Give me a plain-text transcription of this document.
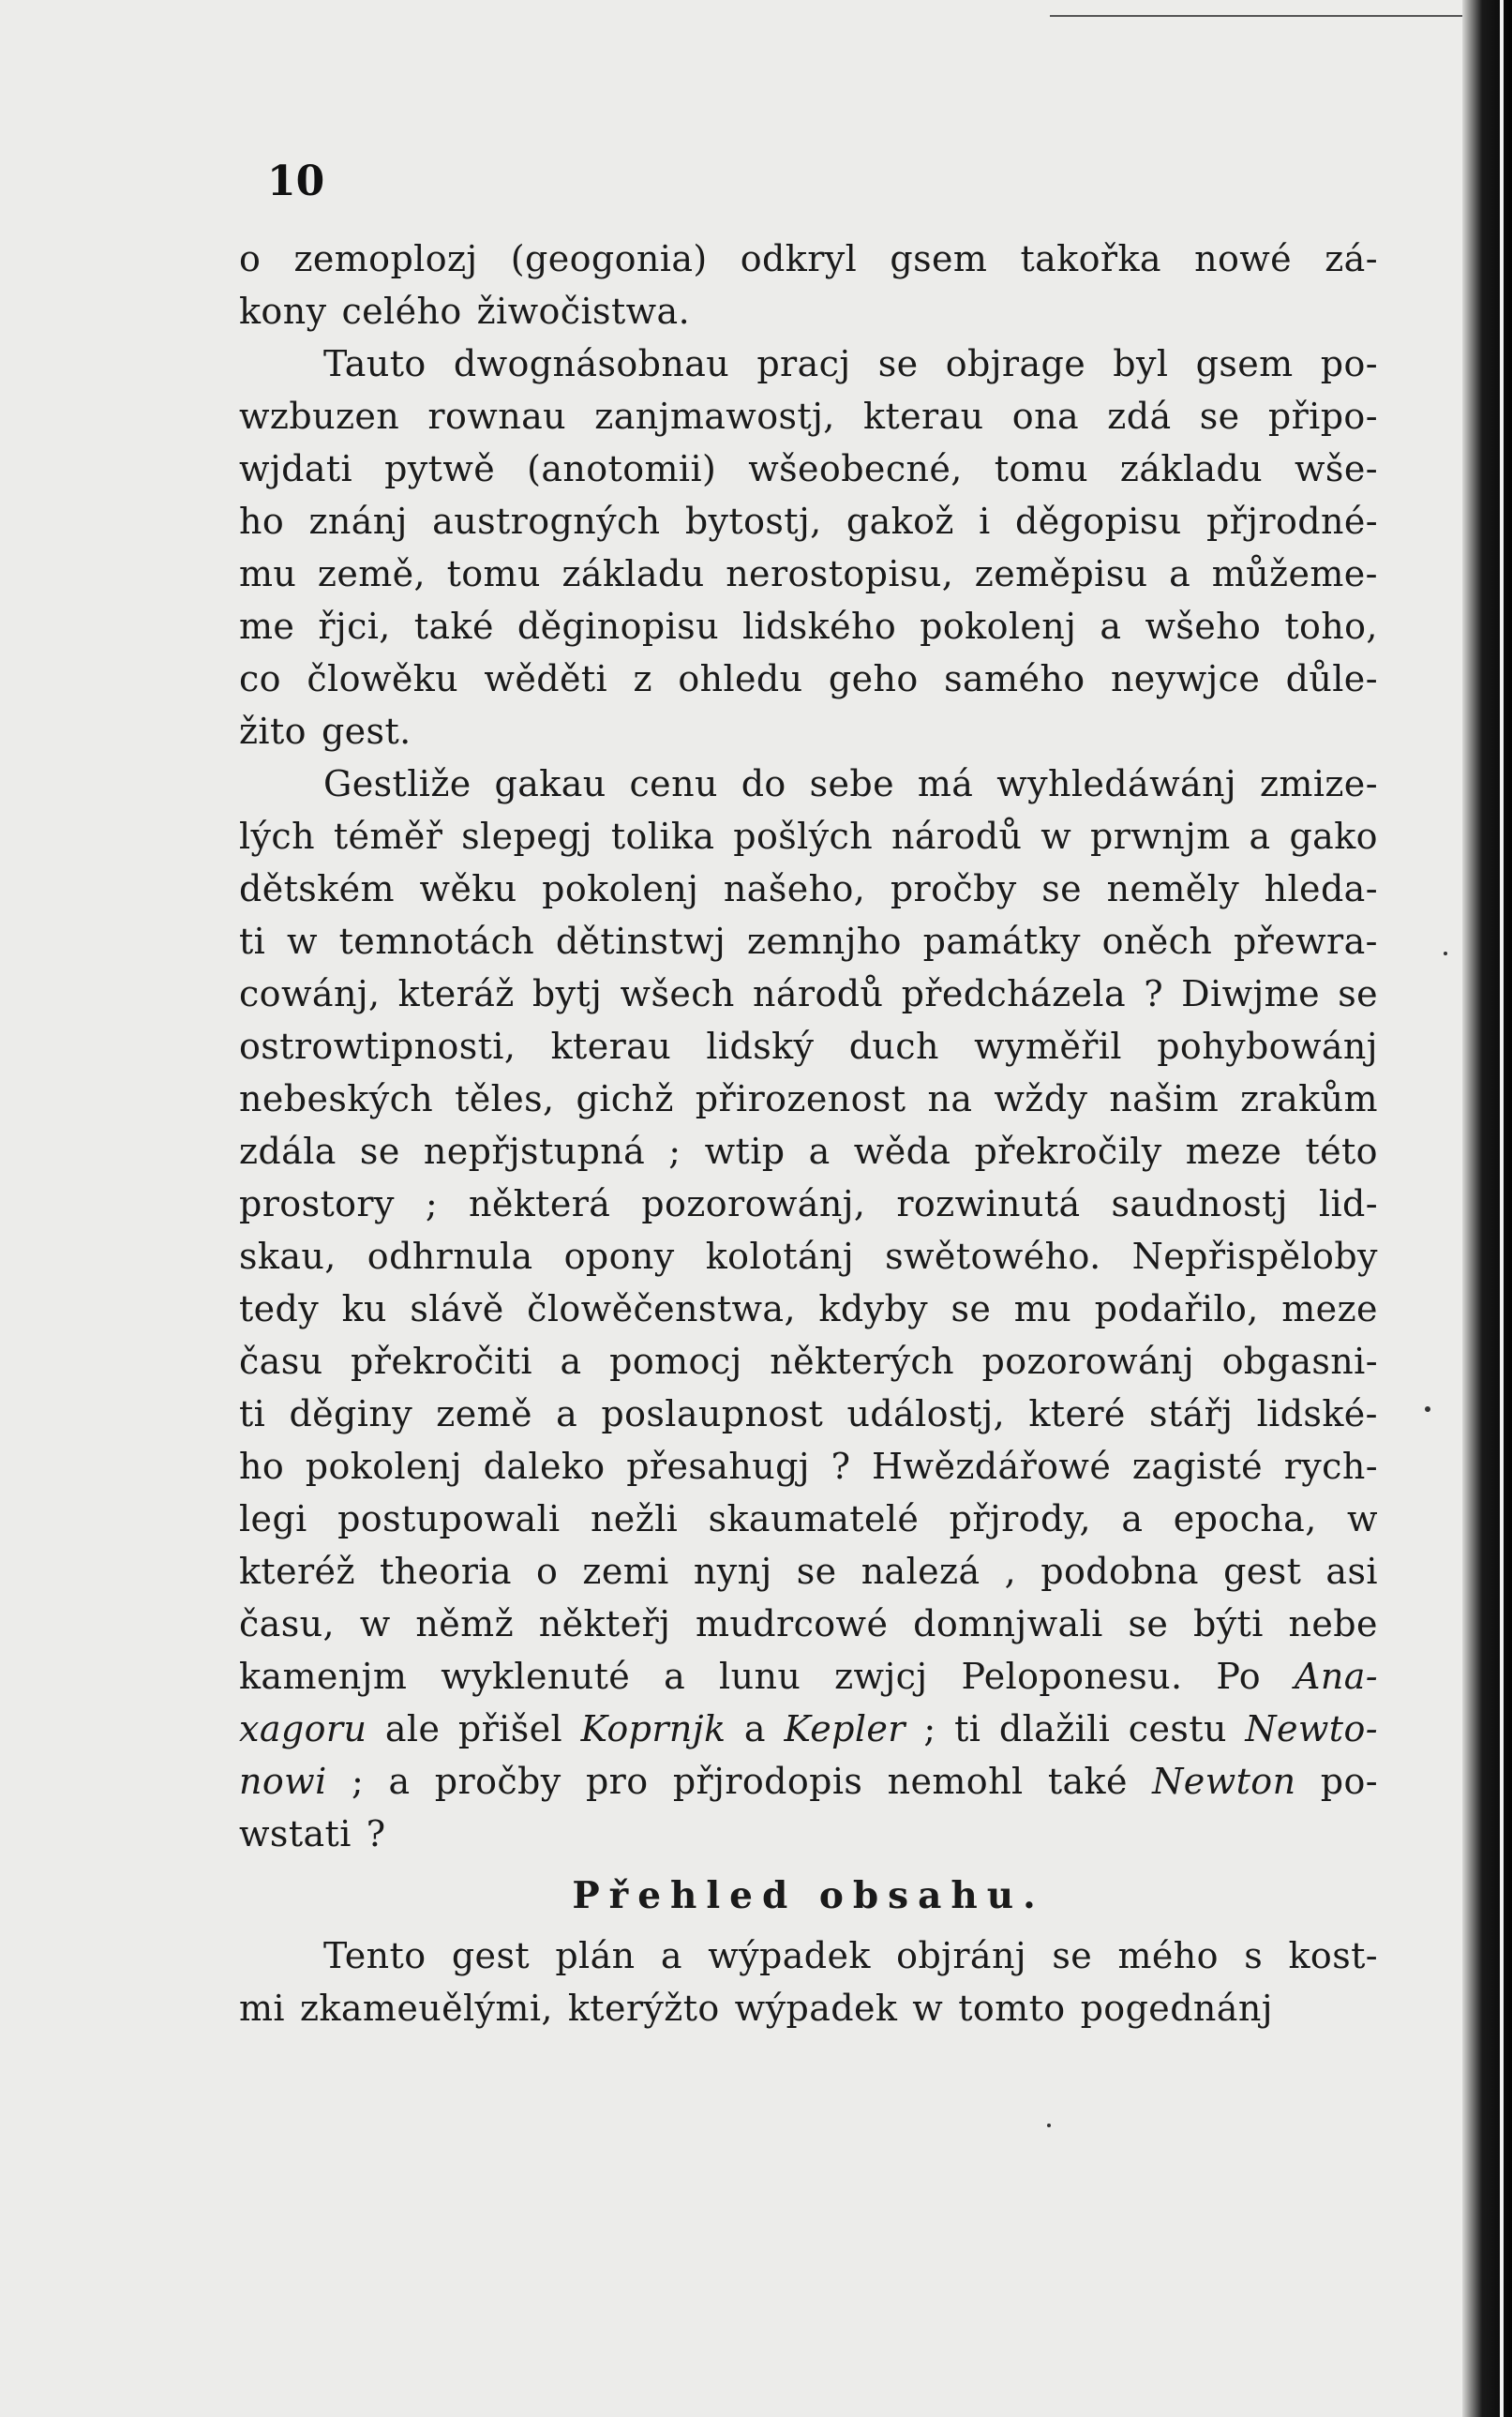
10
o zemoplozj (geogonia) odkryl gsem takořka nowé zá-
kony celého žiwočistwa.
Tauto dwognásobnau pracj se objrage byl gsem po-
wzbuzen rownau zanjmawostj, kterau ona zdá se připo-
wjdati pytwě (anotomii) wšeobecné, tomu základu wše-
ho znánj austrogných bytostj, gakož i děgopisu přjrodné-
mu země, tomu základu nerostopisu, zeměpisu a můžeme-
me řjci, také děginopisu lidského pokolenj a wšeho toho,
co člowěku wěděti z ohledu geho samého neywjce důle-
žito gest.
Gestliže gakau cenu do sebe má wyhledáwánj zmize-
lých téměř slepegj tolika pošlých národů w prwnjm a gako
dětském wěku pokolenj našeho, pročby se neměly hleda-
ti w temnotách dětinstwj zemnjho památky oněch přewra-
cowánj, kteráž bytj wšech národů předcházela ? Diwjme se
ostrowtipnosti, kterau lidský duch wyměřil pohybowánj
nebeských těles, gichž přirozenost na wždy našim zrakům
zdála se nepřjstupná ; wtip a wěda překročily meze této
prostory ; některá pozorowánj, rozwinutá saudnostj lid-
skau, odhrnula opony kolotánj swětowého. Nepřispěloby
tedy ku slávě člowěčenstwa, kdyby se mu podařilo, meze
času překročiti a pomocj některých pozorowánj obgasni-
ti děginy země a poslaupnost událostj, které stářj lidské-
ho pokolenj daleko přesahugj ? Hwězdářowé zagisté rych-
legi postupowali nežli skaumatelé přjrody, a epocha, w
kteréž theoria o zemi nynj se nalezá , podobna gest asi
času, w němž někteřj mudrcowé domnjwali se býti nebe
kamenjm wyklenuté a lunu zwjcj Peloponesu. Po Ana-
xagoru ale přišel Koprnjk a Kepler ; ti dlažili cestu Newto-
nowi ; a pročby pro přjrodopis nemohl také Newton po-
wstati ?
Přehled obsahu.
Tento gest plán a wýpadek objránj se mého s kost-
mi zkameuělými, kterýžto wýpadek w tomto pogednánj
